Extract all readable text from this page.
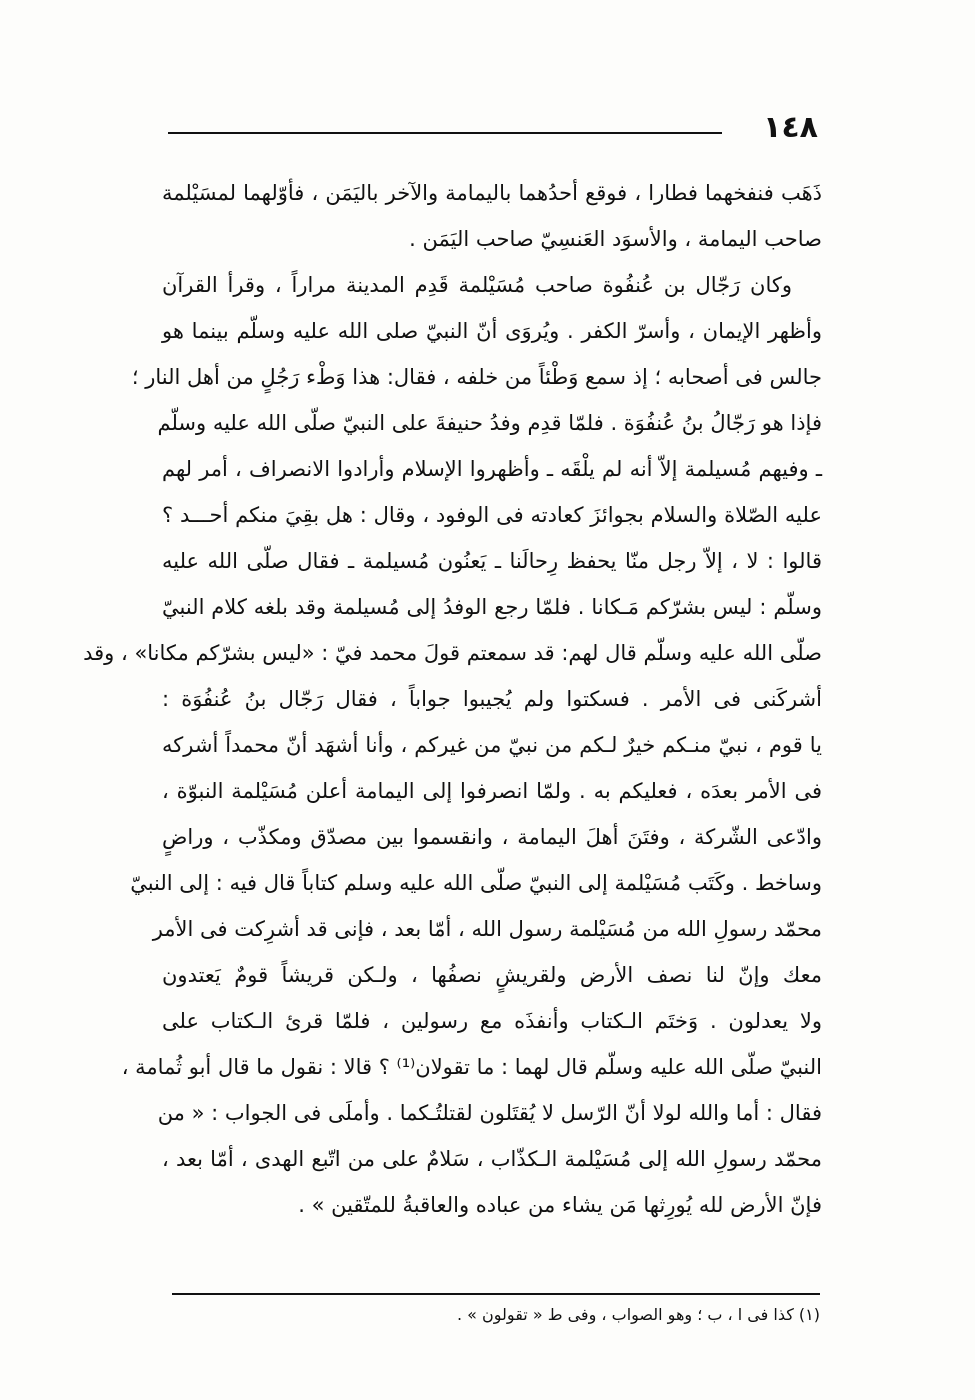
١٤٨
ذَهَب فنفخهما فطارا ، فوقع أحدُهما باليمامة والآخر باليَمَن ، فأوّلهما لمسَيْلمة
صاحب اليمامة ، والأسوَد العَنسِيّ صاحب اليَمَن .
وكان رَجّال بن عُنفُوة صاحب مُسَيْلمة قَدِم المدينة مراراً ، وقرأ القرآن
وأظهر الإيمان ، وأسرّ الكفر . ويُروَى أنّ النبيّ صلى الله عليه وسلّم بينما هو
جالس فى أصحابه ؛ إذ سمع وَطْئاً من خلفه ، فقال: هذا وَطْء رَجُلٍ من أهل النار ؛
فإذا هو رَجّالُ بنُ عُنفُوَة . فلمّا قدِم وفدُ حنيفةَ على النبيّ صلّى الله عليه وسلّم
ـ وفيهم مُسيلمة إلاّ أنه لم يلْقَه ـ وأظهروا الإسلام وأرادوا الانصراف ، أمر لهم
عليه الصّلاة والسلام بجوائزَ كعادته فى الوفود ، وقال : هل بقِيَ منكم أحـــد ؟
قالوا : لا ، إلاّ رجل منّا يحفظ رِحالَنا ـ يَعنُون مُسيلمة ـ فقال صلّى الله عليه
وسلّم : ليس بشرّكم مَـكانا . فلمّا رجع الوفدُ إلى مُسيلمة وقد بلغه كلام النبيّ
صلّى الله عليه وسلّم قال لهم: قد سمعتم قولَ محمد فيّ : «ليس بشرّكم مكانا» ، وقد
أشركَنى فى الأمر . فسكتوا ولم يُجيبوا جواباً ، فقال رَجّال بنُ عُنفُوَة :
يا قوم ، نبيّ منـكم خيرٌ لـكم من نبيّ من غيركم ، وأنا أشهَد أنّ محمداً أشركه
فى الأمر بعدَه ، فعليكم به . ولمّا انصرفوا إلى اليمامة أعلن مُسَيْلمة النبوّة ،
وادّعى الشّركة ، وفتَنَ أهلَ اليمامة ، وانقسموا بين مصدّق ومكذّب ، وراضٍ
وساخط . وكَتَب مُسَيْلمة إلى النبيّ صلّى الله عليه وسلم كتاباً قال فيه : إلى النبيّ
محمّد رسولِ الله من مُسَيْلمة رسول الله ، أمّا بعد ، فإنى قد أشرِكت فى الأمر
معك وإنّ لنا نصف الأرض ولقريشٍ نصفُها ، ولـكن قريشاً قومٌ يَعتدون
ولا يعدلون . وَختَم الـكتاب وأنفذَه مع رسولين ، فلمّا قرئ الـكتاب على
النبيّ صلّى الله عليه وسلّم قال لهما : ما تقولان⁽¹⁾ ؟ قالا : نقول ما قال أبو ثُمامة ،
فقال : أما والله لولا أنّ الرّسل لا يُقتَلون لقتلتُـكما . وأملَى فى الجواب : « من
محمّد رسولِ الله إلى مُسَيْلمة الـكذّاب ، سَلامٌ على من اتّبع الهدى ، أمّا بعد ،
فإنّ الأرض لله يُورِثها مَن يشاء من عباده والعاقبةُ للمتّقين » .
(١) كذا فى ا ، ب ؛ وهو الصواب ، وفى ط « تقولون » .
